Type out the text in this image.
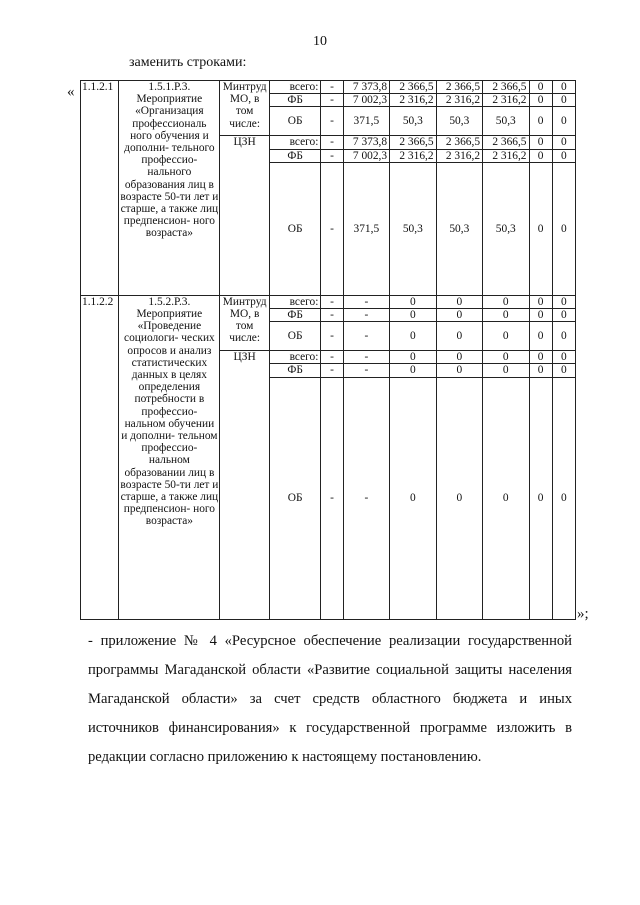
10
заменить строками:
«
»;
1.1.2.1	1.5.1.Р.3. Мероприятие «Организация профессиональ ного обучения и дополни- тельного профессио- нального образования лиц в возрасте 50-ти лет и старше, а также лиц предпенсион- ного возраста»	Минтруд МО, в том числе:	всего:	-	7 373,8	2 366,5	2 366,5	2 366,5	0	0
			ФБ	-	7 002,3	2 316,2	2 316,2	2 316,2	0	0
			ОБ	-	371,5	50,3	50,3	50,3	0	0
		ЦЗН	всего:	-	7 373,8	2 366,5	2 366,5	2 366,5	0	0
			ФБ	-	7 002,3	2 316,2	2 316,2	2 316,2	0	0
			ОБ	-	371,5	50,3	50,3	50,3	0	0
1.1.2.2	1.5.2.Р.3. Мероприятие «Проведение социологи- ческих опросов и анализ статистических данных в целях определения потребности в профессио- нальном обучении и дополни- тельном профессио- нальном образовании лиц в возрасте 50-ти лет и старше, а также лиц предпенсион- ного возраста»	Минтруд МО, в том числе:	всего:	-	-	0	0	0	0	0
			ФБ	-	-	0	0	0	0	0
			ОБ	-	-	0	0	0	0	0
		ЦЗН	всего:	-	-	0	0	0	0	0
			ФБ	-	-	0	0	0	0	0
			ОБ	-	-	0	0	0	0	0
- приложение № 4 «Ресурсное обеспечение реализации государственной программы Магаданской области «Развитие социальной защиты населения Магаданской области» за счет средств областного бюджета и иных источников финансирования» к государственной программе изложить в редакции согласно приложению к настоящему постановлению.
